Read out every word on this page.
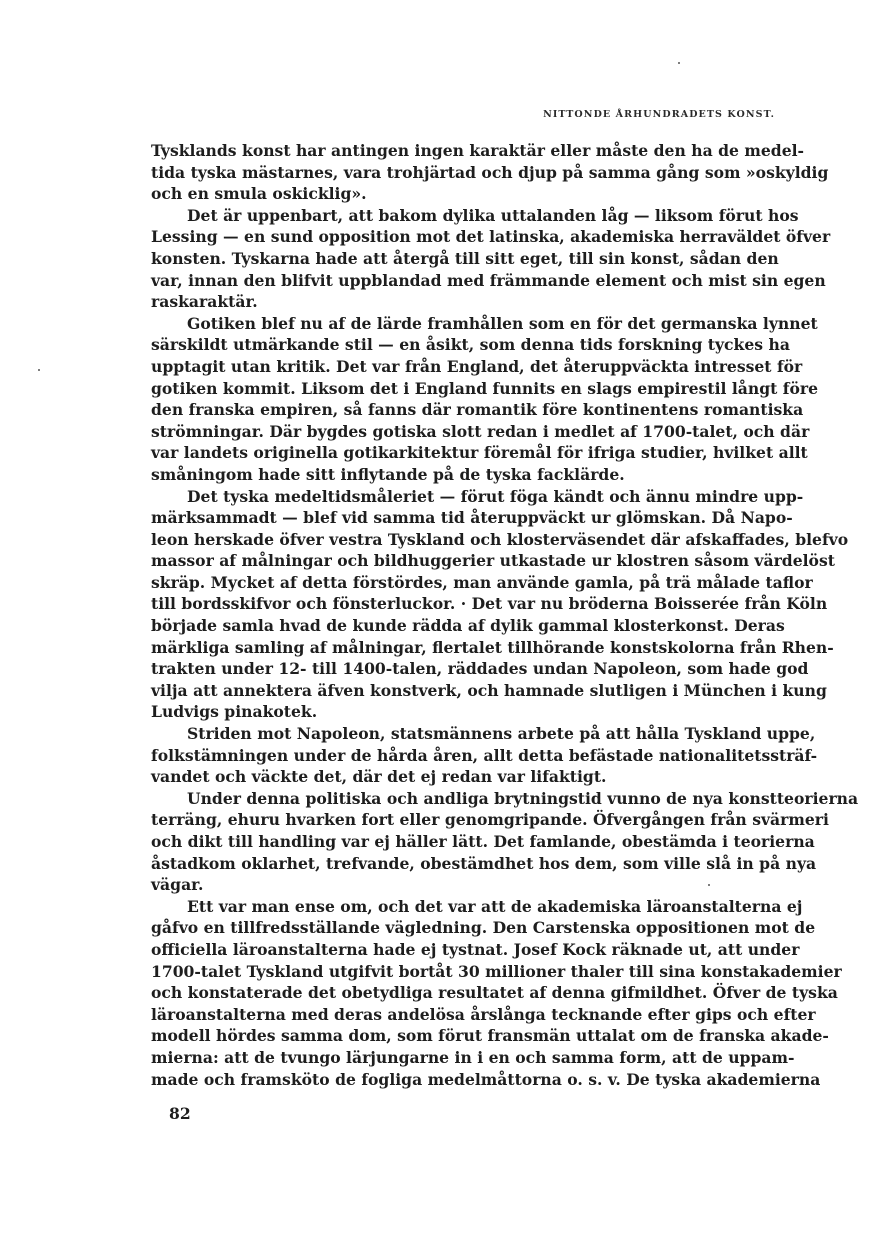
NITTONDE ÅRHUNDRADETS KONST.
Tysklands konst har antingen ingen karaktär eller måste den ha de medel-
tida tyska mästarnes, vara trohjärtad och djup på samma gång som »oskyldig
och en smula oskicklig».
Det är uppenbart, att bakom dylika uttalanden låg — liksom förut hos
Lessing — en sund opposition mot det latinska, akademiska herraväldet öfver
konsten. Tyskarna hade att återgå till sitt eget, till sin konst, sådan den
var, innan den blifvit uppblandad med främmande element och mist sin egen
raskaraktär.
Gotiken blef nu af de lärde framhållen som en för det germanska lynnet
särskildt utmärkande stil — en åsikt, som denna tids forskning tyckes ha
upptagit utan kritik. Det var från England, det återuppväckta intresset för
gotiken kommit. Liksom det i England funnits en slags empirestil långt före
den franska empiren, så fanns där romantik före kontinentens romantiska
strömningar. Där bygdes gotiska slott redan i medlet af 1700-talet, och där
var landets originella gotikarkitektur föremål för ifriga studier, hvilket allt
småningom hade sitt inflytande på de tyska facklärde.
Det tyska medeltidsmåleriet — förut föga kändt och ännu mindre upp-
märksammadt — blef vid samma tid återuppväckt ur glömskan. Då Napo-
leon herskade öfver vestra Tyskland och klosterväsendet där afskaffades, blefvo
massor af målningar och bildhuggerier utkastade ur klostren såsom värdelöst
skräp. Mycket af detta förstördes, man använde gamla, på trä målade taflor
till bordsskifvor och fönsterluckor. · Det var nu bröderna Boisserée från Köln
började samla hvad de kunde rädda af dylik gammal klosterkonst. Deras
märkliga samling af målningar, flertalet tillhörande konstskolorna från Rhen-
trakten under 12- till 1400-talen, räddades undan Napoleon, som hade god
vilja att annektera äfven konstverk, och hamnade slutligen i München i kung
Ludvigs pinakotek.
Striden mot Napoleon, statsmännens arbete på att hålla Tyskland uppe,
folkstämningen under de hårda åren, allt detta befästade nationalitetssträf-
vandet och väckte det, där det ej redan var lifaktigt.
Under denna politiska och andliga brytningstid vunno de nya konstteorierna
terräng, ehuru hvarken fort eller genomgripande. Öfvergången från svärmeri
och dikt till handling var ej häller lätt. Det famlande, obestämda i teorierna
åstadkom oklarhet, trefvande, obestämdhet hos dem, som ville slå in på nya
vägar.
Ett var man ense om, och det var att de akademiska läroanstalterna ej
gåfvo en tillfredsställande vägledning. Den Carstenska oppositionen mot de
officiella läroanstalterna hade ej tystnat. Josef Kock räknade ut, att under
1700-talet Tyskland utgifvit bortåt 30 millioner thaler till sina konstakademier
och konstaterade det obetydliga resultatet af denna gifmildhet. Öfver de tyska
läroanstalterna med deras andelösa årslånga tecknande efter gips och efter
modell hördes samma dom, som förut fransmän uttalat om de franska akade-
mierna: att de tvungo lärjungarne in i en och samma form, att de uppam-
made och framsköto de fogliga medelmåttorna o. s. v. De tyska akademierna
82
